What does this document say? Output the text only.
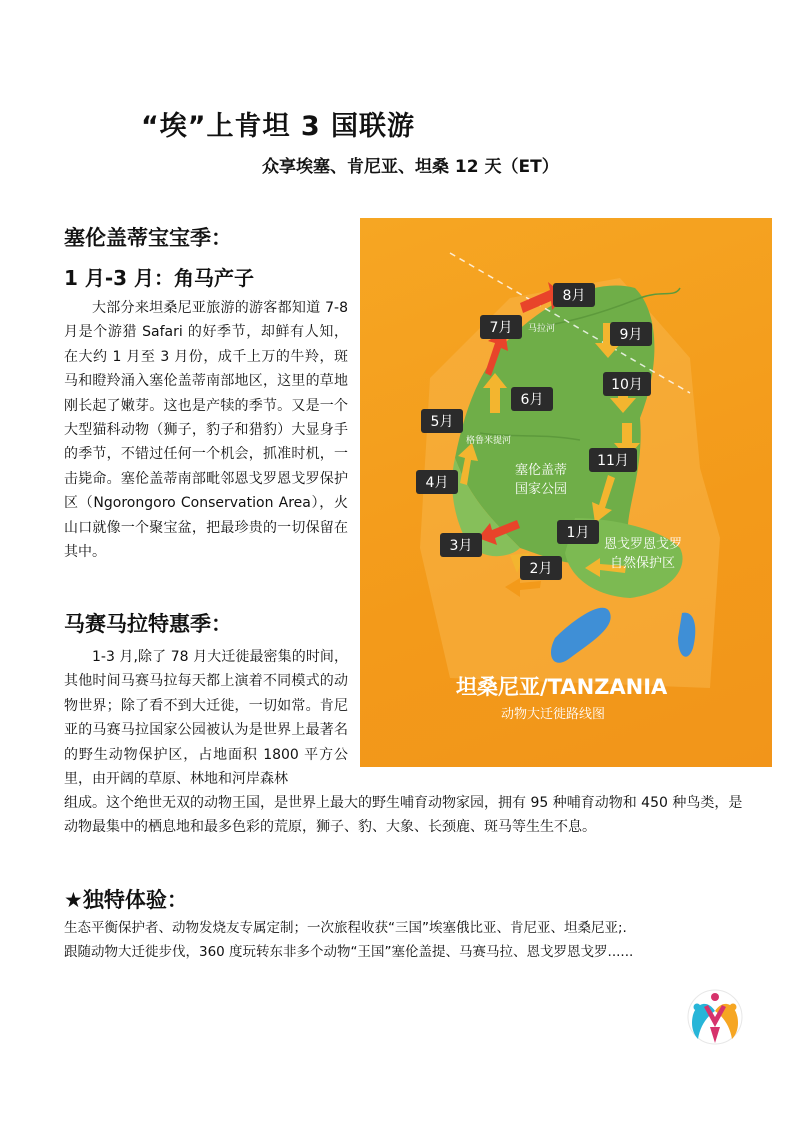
“埃”上肯坦 3 国联游
众享埃塞、肯尼亚、坦桑 12 天（ET）
塞伦盖蒂宝宝季：
1 月-3 月：角马产子
大部分来坦桑尼亚旅游的游客都知道 7-8 月是个游猎 Safari 的好季节，却鲜有人知，在大约 1 月至 3 月份，成千上万的牛羚，斑马和瞪羚涌入塞伦盖蒂南部地区，这里的草地刚长起了嫩芽。这也是产犊的季节。又是一个大型猫科动物（狮子，豹子和猎豹）大显身手的季节，不错过任何一个机会，抓准时机，一击毙命。塞伦盖蒂南部毗邻恩戈罗恩戈罗保护区（Ngorongoro Conservation Area），火山口就像一个聚宝盆，把最珍贵的一切保留在其中。
马赛马拉特惠季：
1-3 月,除了 78 月大迁徙最密集的时间，其他时间马赛马拉每天都上演着不同模式的动物世界；除了看不到大迁徙，一切如常。肯尼亚的马赛马拉国家公园被认为是世界上最著名的野生动物保护区，占地面积 1800 平方公里，由开阔的草原、林地和河岸森林
组成。这个绝世无双的动物王国，是世界上最大的野生哺育动物家园，拥有 95 种哺育动物和 450 种鸟类，是动物最集中的栖息地和最多色彩的荒原，狮子、豹、大象、长颈鹿、斑马等生生不息。
★独特体验：
生态平衡保护者、动物发烧友专属定制；一次旅程收获“三国”埃塞俄比亚、肯尼亚、坦桑尼亚;.
跟随动物大迁徙步伐，360 度玩转东非多个动物“王国”塞伦盖提、马赛马拉、恩戈罗恩戈罗......
8月
7月	9月
10月
6月
5月
11月
4月
1月
3月
2月
马拉河
格鲁米提河
塞伦盖蒂
国家公园
恩戈罗恩戈罗
自然保护区
坦桑尼亚/TANZANIA
动物大迁徙路线图
